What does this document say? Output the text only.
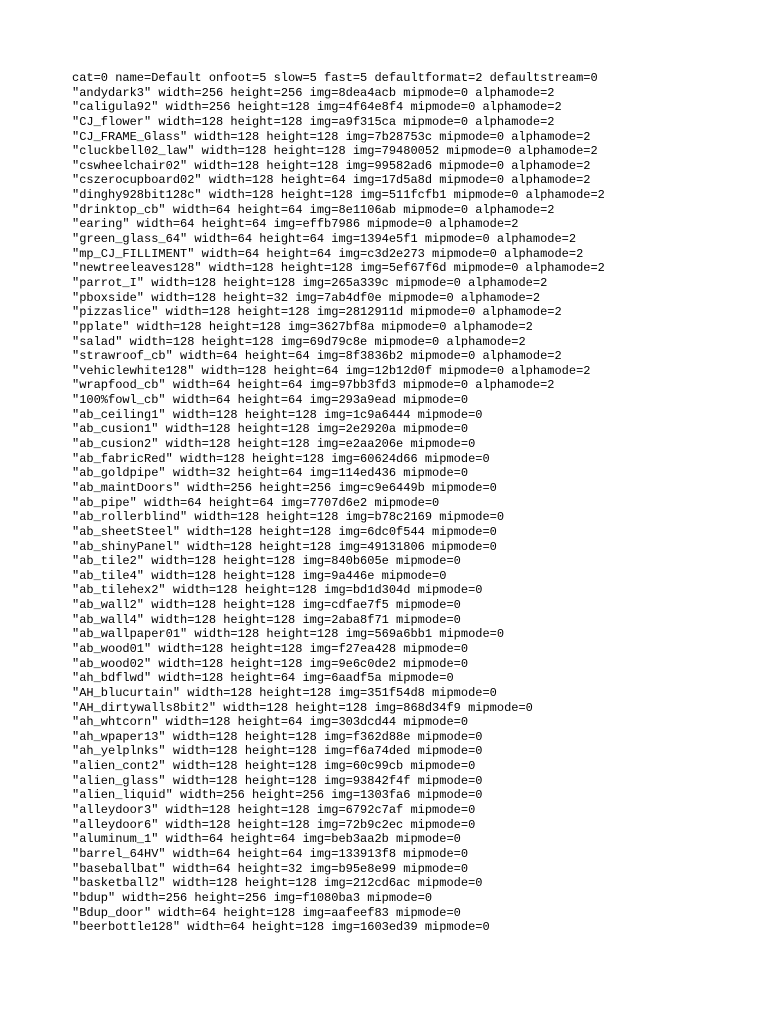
cat=0 name=Default onfoot=5 slow=5 fast=5 defaultformat=2 defaultstream=0
"andydark3" width=256 height=256 img=8dea4acb mipmode=0 alphamode=2
"caligula92" width=256 height=128 img=4f64e8f4 mipmode=0 alphamode=2
"CJ_flower" width=128 height=128 img=a9f315ca mipmode=0 alphamode=2
"CJ_FRAME_Glass" width=128 height=128 img=7b28753c mipmode=0 alphamode=2
"cluckbell02_law" width=128 height=128 img=79480052 mipmode=0 alphamode=2
"cswheelchair02" width=128 height=128 img=99582ad6 mipmode=0 alphamode=2
"cszerocupboard02" width=128 height=64 img=17d5a8d mipmode=0 alphamode=2
"dinghy928bit128c" width=128 height=128 img=511fcfb1 mipmode=0 alphamode=2
"drinktop_cb" width=64 height=64 img=8e1106ab mipmode=0 alphamode=2
"earing" width=64 height=64 img=effb7986 mipmode=0 alphamode=2
"green_glass_64" width=64 height=64 img=1394e5f1 mipmode=0 alphamode=2
"mp_CJ_FILLIMENT" width=64 height=64 img=c3d2e273 mipmode=0 alphamode=2
"newtreeleaves128" width=128 height=128 img=5ef67f6d mipmode=0 alphamode=2
"parrot_I" width=128 height=128 img=265a339c mipmode=0 alphamode=2
"pboxside" width=128 height=32 img=7ab4df0e mipmode=0 alphamode=2
"pizzaslice" width=128 height=128 img=2812911d mipmode=0 alphamode=2
"pplate" width=128 height=128 img=3627bf8a mipmode=0 alphamode=2
"salad" width=128 height=128 img=69d79c8e mipmode=0 alphamode=2
"strawroof_cb" width=64 height=64 img=8f3836b2 mipmode=0 alphamode=2
"vehiclewhite128" width=128 height=64 img=12b12d0f mipmode=0 alphamode=2
"wrapfood_cb" width=64 height=64 img=97bb3fd3 mipmode=0 alphamode=2
"100%fowl_cb" width=64 height=64 img=293a9ead mipmode=0
"ab_ceiling1" width=128 height=128 img=1c9a6444 mipmode=0
"ab_cusion1" width=128 height=128 img=2e2920a mipmode=0
"ab_cusion2" width=128 height=128 img=e2aa206e mipmode=0
"ab_fabricRed" width=128 height=128 img=60624d66 mipmode=0
"ab_goldpipe" width=32 height=64 img=114ed436 mipmode=0
"ab_maintDoors" width=256 height=256 img=c9e6449b mipmode=0
"ab_pipe" width=64 height=64 img=7707d6e2 mipmode=0
"ab_rollerblind" width=128 height=128 img=b78c2169 mipmode=0
"ab_sheetSteel" width=128 height=128 img=6dc0f544 mipmode=0
"ab_shinyPanel" width=128 height=128 img=49131806 mipmode=0
"ab_tile2" width=128 height=128 img=840b605e mipmode=0
"ab_tile4" width=128 height=128 img=9a446e mipmode=0
"ab_tilehex2" width=128 height=128 img=bd1d304d mipmode=0
"ab_wall2" width=128 height=128 img=cdfae7f5 mipmode=0
"ab_wall4" width=128 height=128 img=2aba8f71 mipmode=0
"ab_wallpaper01" width=128 height=128 img=569a6bb1 mipmode=0
"ab_wood01" width=128 height=128 img=f27ea428 mipmode=0
"ab_wood02" width=128 height=128 img=9e6c0de2 mipmode=0
"ah_bdflwd" width=128 height=64 img=6aadf5a mipmode=0
"AH_blucurtain" width=128 height=128 img=351f54d8 mipmode=0
"AH_dirtywalls8bit2" width=128 height=128 img=868d34f9 mipmode=0
"ah_whtcorn" width=128 height=64 img=303dcd44 mipmode=0
"ah_wpaper13" width=128 height=128 img=f362d88e mipmode=0
"ah_yelplnks" width=128 height=128 img=f6a74ded mipmode=0
"alien_cont2" width=128 height=128 img=60c99cb mipmode=0
"alien_glass" width=128 height=128 img=93842f4f mipmode=0
"alien_liquid" width=256 height=256 img=1303fa6 mipmode=0
"alleydoor3" width=128 height=128 img=6792c7af mipmode=0
"alleydoor6" width=128 height=128 img=72b9c2ec mipmode=0
"aluminum_1" width=64 height=64 img=beb3aa2b mipmode=0
"barrel_64HV" width=64 height=64 img=133913f8 mipmode=0
"baseballbat" width=64 height=32 img=b95e8e99 mipmode=0
"basketball2" width=128 height=128 img=212cd6ac mipmode=0
"bdup" width=256 height=256 img=f1080ba3 mipmode=0
"Bdup_door" width=64 height=128 img=aafeef83 mipmode=0
"beerbottle128" width=64 height=128 img=1603ed39 mipmode=0
